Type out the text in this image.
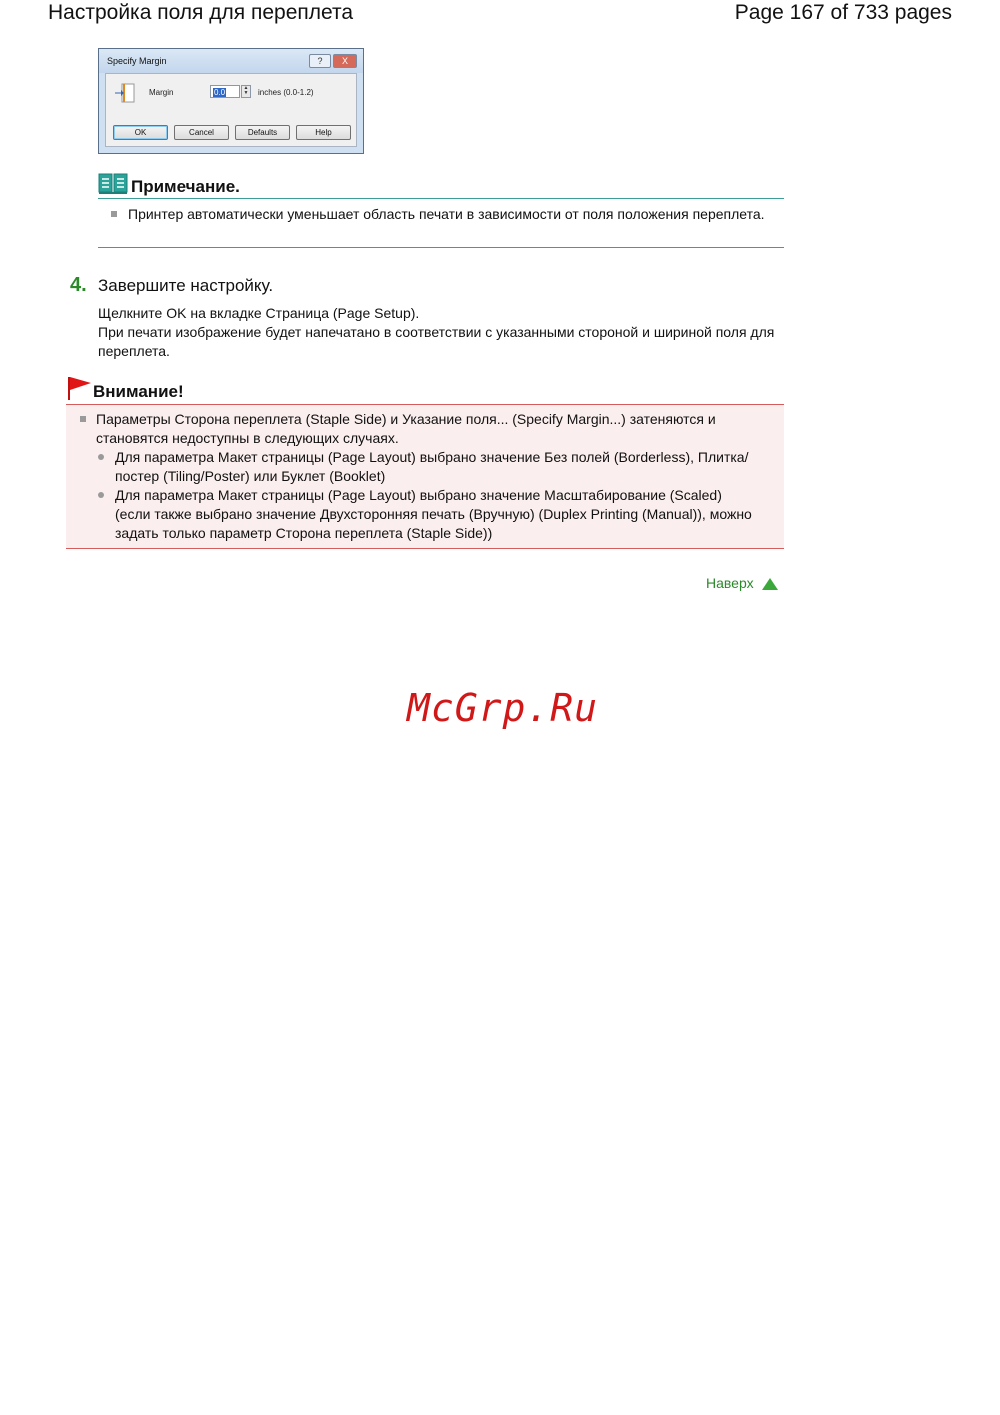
Настройка поля для переплета	Page 167 of 733 pages
Specify Margin	?	X
Margin	0.0	▲
▼ inches (0.0-1.2)
OK	Cancel	Defaults	Help
Примечание.
Принтер автоматически уменьшает область печати в зависимости от поля положения переплета.
4. Завершите настройку.

Щелкните OK на вкладке Страница (Page Setup).

При печати изображение будет напечатано в соответствии с указанными стороной и шириной поля для переплета.

Внимание!
Параметры Сторона переплета (Staple Side) и Указание поля... (Specify Margin...) затеняются и становятся недоступны в следующих случаях.
Для параметра Макет страницы (Page Layout) выбрано значение Без полей (Borderless), Плитка/постер (Tiling/Poster) или Буклет (Booklet)
Для параметра Макет страницы (Page Layout) выбрано значение Масштабирование (Scaled) (если также выбрано значение Двухсторонняя печать (Вручную) (Duplex Printing (Manual)), можно задать только параметр Сторона переплета (Staple Side))
Наверх
McGrp.Ru
